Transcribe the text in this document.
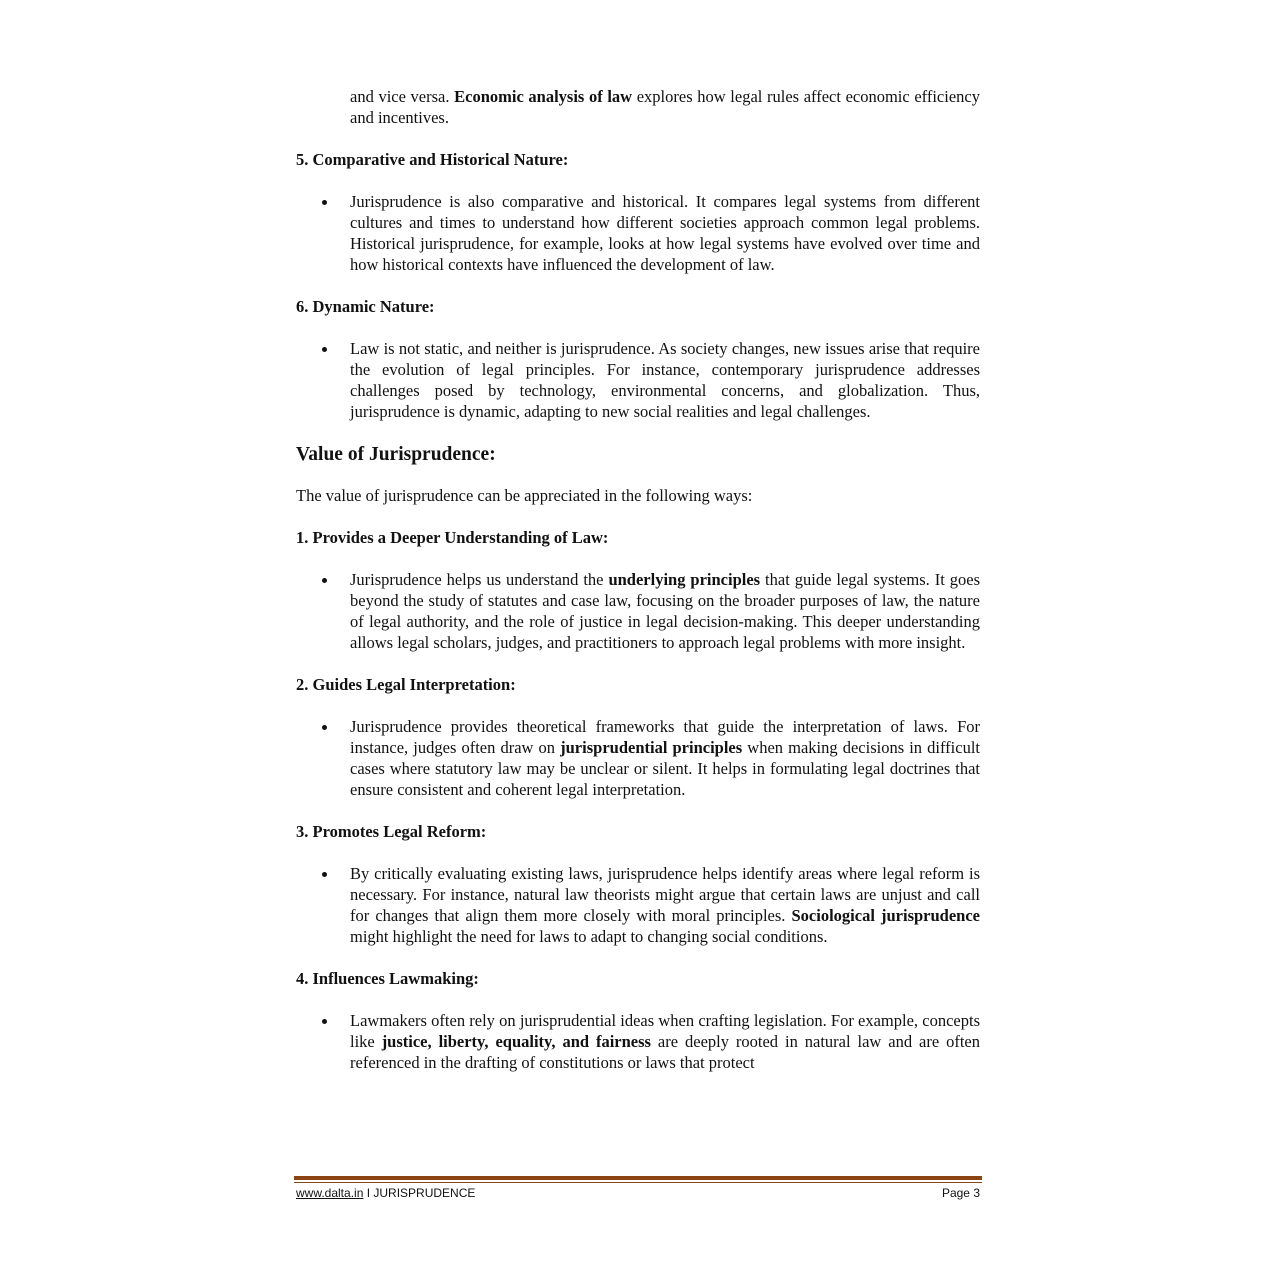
and vice versa. Economic analysis of law explores how legal rules affect economic efficiency and incentives.

5. Comparative and Historical Nature:
Jurisprudence is also comparative and historical. It compares legal systems from different cultures and times to understand how different societies approach common legal problems. Historical jurisprudence, for example, looks at how legal systems have evolved over time and how historical contexts have influenced the development of law.
6. Dynamic Nature:
Law is not static, and neither is jurisprudence. As society changes, new issues arise that require the evolution of legal principles. For instance, contemporary jurisprudence addresses challenges posed by technology, environmental concerns, and globalization. Thus, jurisprudence is dynamic, adapting to new social realities and legal challenges.
Value of Jurisprudence:

The value of jurisprudence can be appreciated in the following ways:

1. Provides a Deeper Understanding of Law:
Jurisprudence helps us understand the underlying principles that guide legal systems. It goes beyond the study of statutes and case law, focusing on the broader purposes of law, the nature of legal authority, and the role of justice in legal decision-making. This deeper understanding allows legal scholars, judges, and practitioners to approach legal problems with more insight.
2. Guides Legal Interpretation:
Jurisprudence provides theoretical frameworks that guide the interpretation of laws. For instance, judges often draw on jurisprudential principles when making decisions in difficult cases where statutory law may be unclear or silent. It helps in formulating legal doctrines that ensure consistent and coherent legal interpretation.
3. Promotes Legal Reform:
By critically evaluating existing laws, jurisprudence helps identify areas where legal reform is necessary. For instance, natural law theorists might argue that certain laws are unjust and call for changes that align them more closely with moral principles. Sociological jurisprudence might highlight the need for laws to adapt to changing social conditions.
4. Influences Lawmaking:
Lawmakers often rely on jurisprudential ideas when crafting legislation. For example, concepts like justice, liberty, equality, and fairness are deeply rooted in natural law and are often referenced in the drafting of constitutions or laws that protect
www.dalta.in I JURISPRUDENCE	Page 3
